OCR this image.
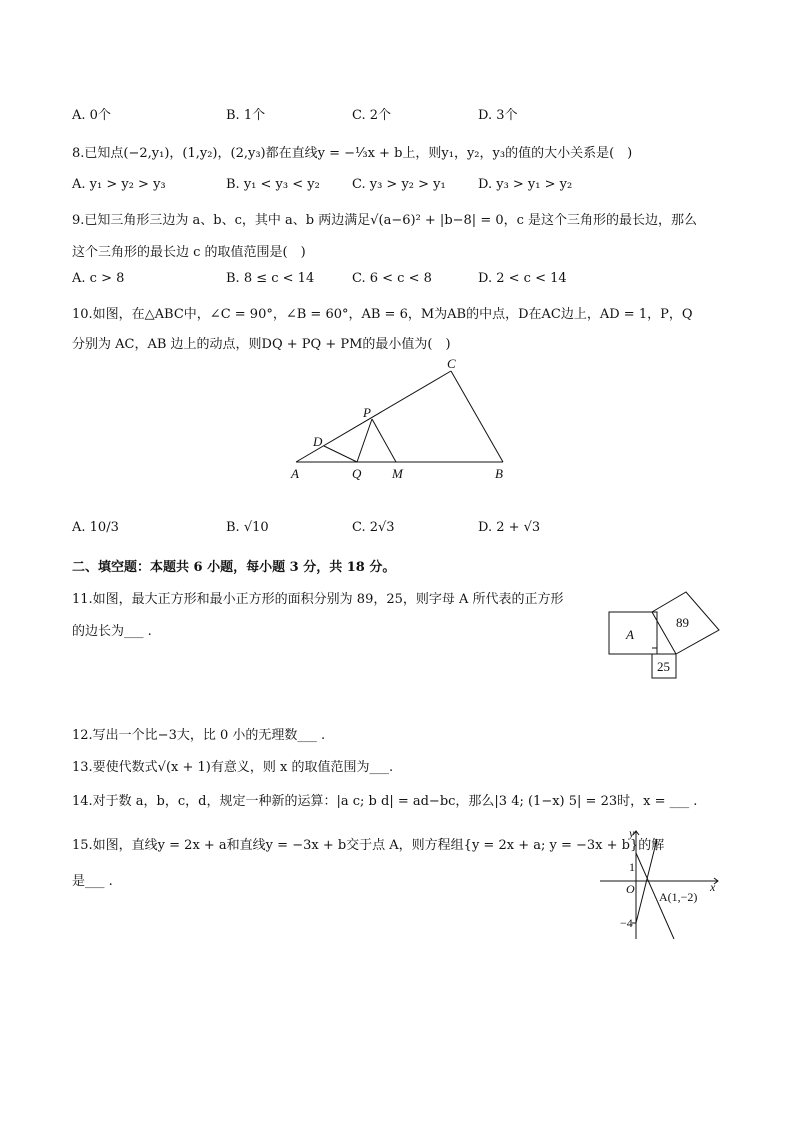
A. 0个	B. 1个	C. 2个	D. 3个
8.已知点(−2,y₁)，(1,y₂)，(2,y₃)都在直线y = −⅓x + b上，则y₁，y₂，y₃的值的大小关系是(　)
A. y₁ > y₂ > y₃	B. y₁ < y₃ < y₂ C. y₃ > y₂ > y₁ D. y₃ > y₁ > y₂
9.已知三角形三边为 a、b、c，其中 a、b 两边满足√(a−6)² + |b−8| = 0，c 是这个三角形的最长边，那么
这个三角形的最长边 c 的取值范围是(　)
A. c > 8	B. 8 ≤ c < 14	C. 6 < c < 8	D. 2 < c < 14
10.如图，在△ABC中，∠C = 90°，∠B = 60°，AB = 6，M为AB的中点，D在AC边上，AD = 1，P，Q
分别为 AC，AB 边上的动点，则DQ + PQ + PM的最小值为(　)
A	B
C
D
P
Q M
A. 10/3	B. √10	C. 2√3	D. 2 + √3
二、填空题：本题共 6 小题，每小题 3 分，共 18 分。
11.如图，最大正方形和最小正方形的面积分别为 89，25，则字母 A 所代表的正方形
的边长为___ .	A
89
25
12.写出一个比−3大，比 0 小的无理数___ .
13.要使代数式√(x + 1)有意义，则 x 的取值范围为___.
14.对于数 a，b，c，d，规定一种新的运算：|a c; b d| = ad−bc，那么|3 4; (1−x) 5| = 23时，x = ___ .
15.如图，直线y = 2x + a和直线y = −3x + b交于点 A，则方程组{y = 2x + a; y = −3x + b}的解
是___ .
y
x
O
1
−4
A(1,−2)
